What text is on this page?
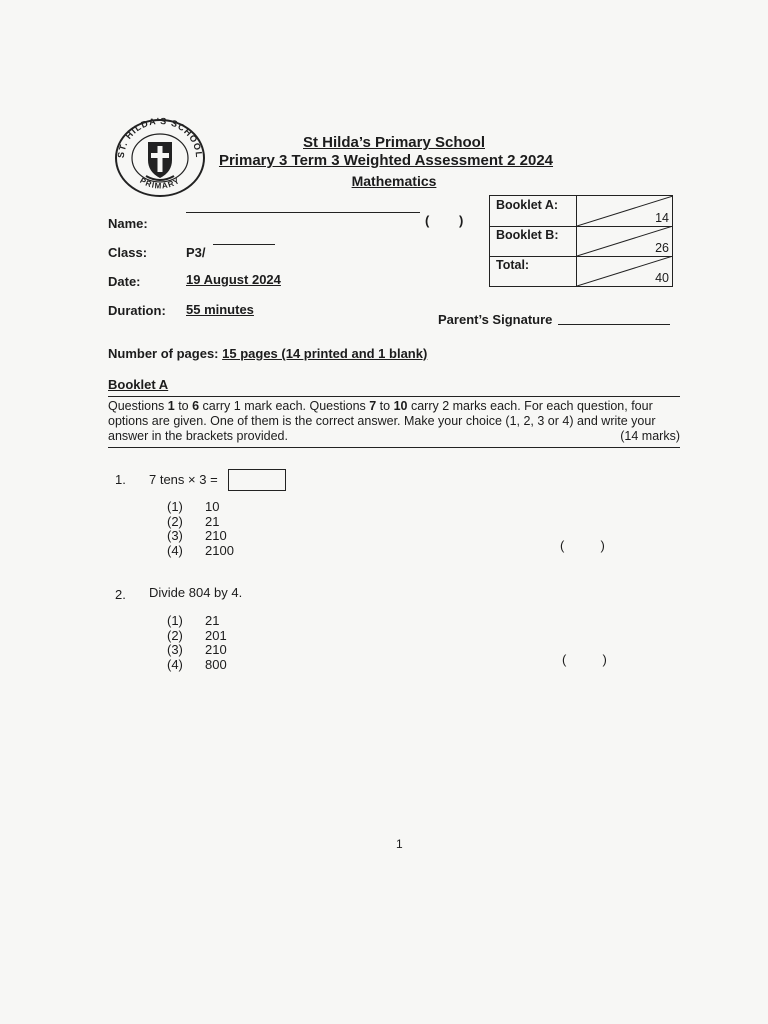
ST. HILDA'S SCHOOL
PRIMARY
St Hilda’s Primary School
Primary 3 Term 3 Weighted Assessment 2 2024
Mathematics
Name:	( )
Class:	P3/
Date:	19 August 2024
Duration: 55 minutes
Booklet A:
14
Booklet B:
26
Total:
40
Parent’s Signature
Number of pages: 15 pages (14 printed and 1 blank)
Booklet A
Questions 1 to 6 carry 1 mark each. Questions 7 to 10 carry 2 marks each. For each question, four options are given. One of them is the correct answer. Make your choice (1, 2, 3 or 4) and write your answer in the brackets provided.	(14 marks)
1. 7 tens × 3 =
(1) 10
(2) 21
(3) 210
(4) 2100	(          )
2. Divide 804 by 4.
(1) 21
(2) 201
(3) 210
(4) 800	(          )
1
